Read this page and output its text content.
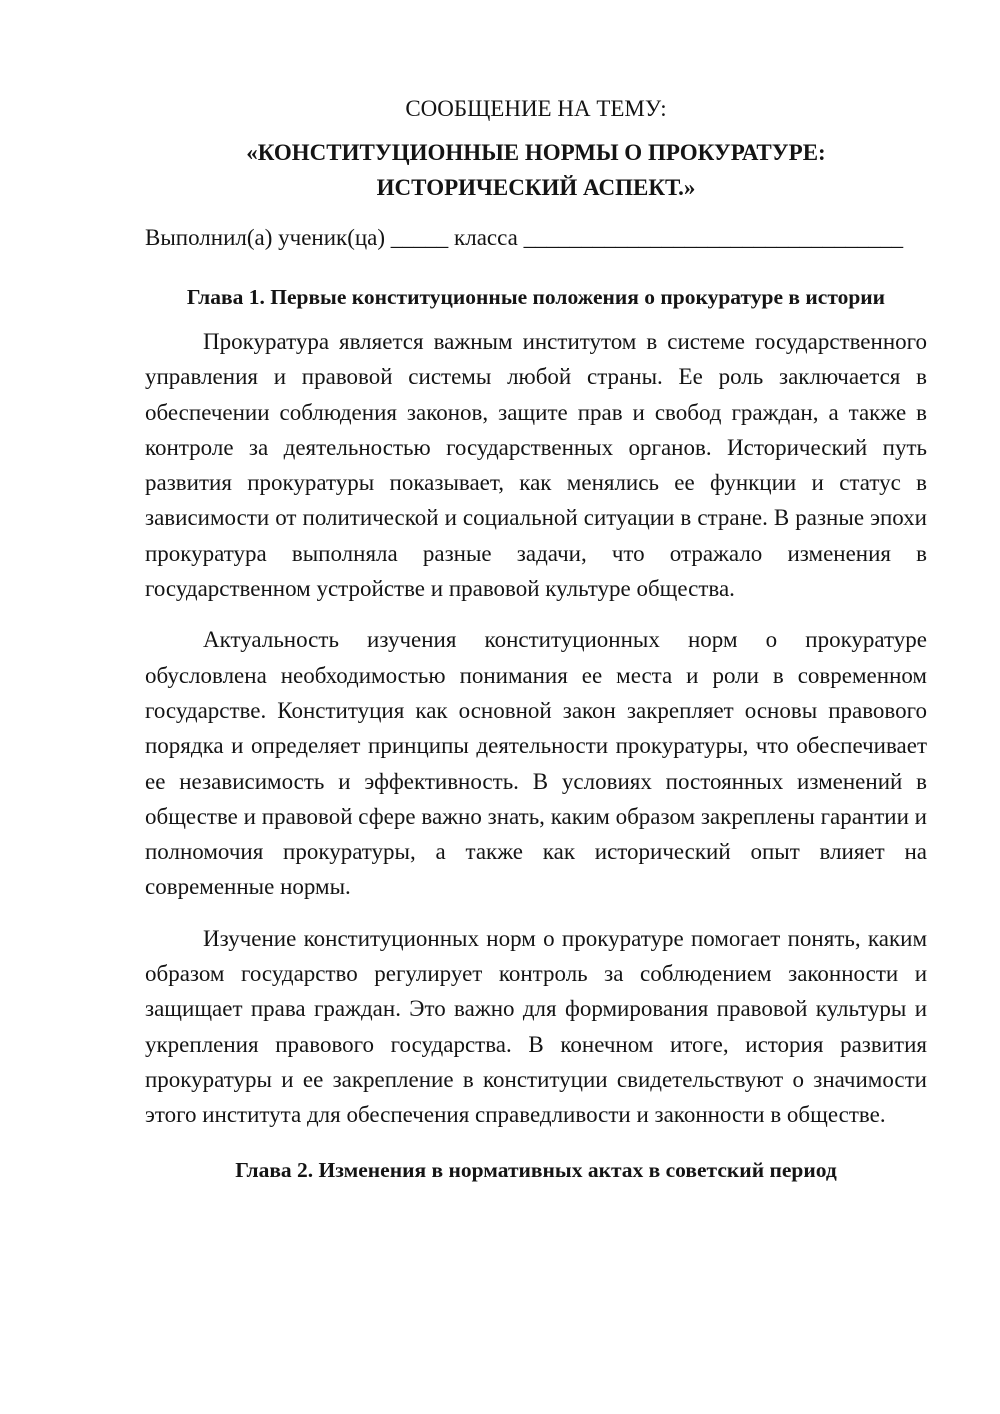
СООБЩЕНИЕ НА ТЕМУ:

«КОНСТИТУЦИОННЫЕ НОРМЫ О ПРОКУРАТУРЕ:
ИСТОРИЧЕСКИЙ АСПЕКТ.»

Выполнил(а) ученик(ца) _____ класса _________________________________

Глава 1. Первые конституционные положения о прокуратуре в истории

Прокуратура является важным институтом в системе государственного управления и правовой системы любой страны. Ее роль заключается в обеспечении соблюдения законов, защите прав и свобод граждан, а также в контроле за деятельностью государственных органов. Исторический путь развития прокуратуры показывает, как менялись ее функции и статус в зависимости от политической и социальной ситуации в стране. В разные эпохи прокуратура выполняла разные задачи, что отражало изменения в государственном устройстве и правовой культуре общества.

Актуальность изучения конституционных норм о прокуратуре обусловлена необходимостью понимания ее места и роли в современном государстве. Конституция как основной закон закрепляет основы правового порядка и определяет принципы деятельности прокуратуры, что обеспечивает ее независимость и эффективность. В условиях постоянных изменений в обществе и правовой сфере важно знать, каким образом закреплены гарантии и полномочия прокуратуры, а также как исторический опыт влияет на современные нормы.

Изучение конституционных норм о прокуратуре помогает понять, каким образом государство регулирует контроль за соблюдением законности и защищает права граждан. Это важно для формирования правовой культуры и укрепления правового государства. В конечном итоге, история развития прокуратуры и ее закрепление в конституции свидетельствуют о значимости этого института для обеспечения справедливости и законности в обществе.

Глава 2. Изменения в нормативных актах в советский период
